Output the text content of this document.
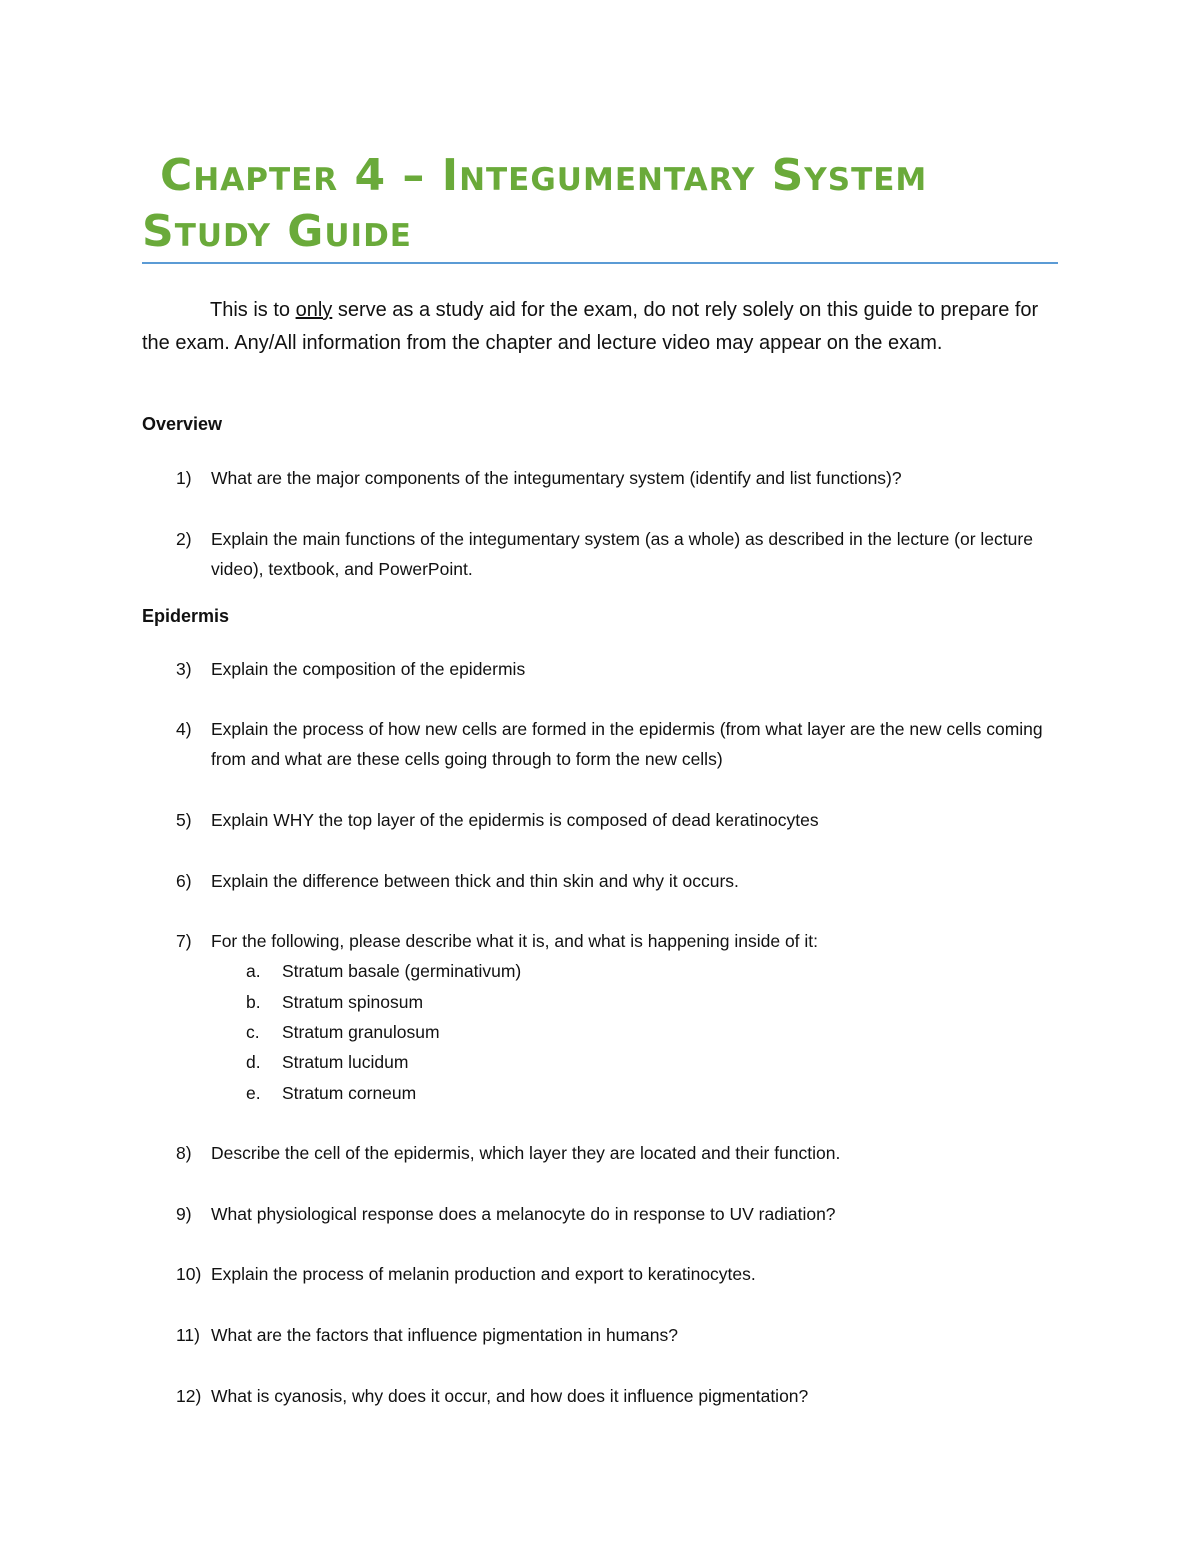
Chapter 4 – Integumentary System
Study Guide

This is to only serve as a study aid for the exam, do not rely solely on this guide to prepare for the exam. Any/All information from the chapter and lecture video may appear on the exam.

Overview

1)	What are the major components of the integumentary system (identify and list functions)?

2)	Explain the main functions of the integumentary system (as a whole) as described in the lecture (or lecture video), textbook, and PowerPoint.

Epidermis

3)	Explain the composition of the epidermis

4)	Explain the process of how new cells are formed in the epidermis (from what layer are the new cells coming from and what are these cells going through to form the new cells)

5)	Explain WHY the top layer of the epidermis is composed of dead keratinocytes

6)	Explain the difference between thick and thin skin and why it occurs.

7)	For the following, please describe what it is, and what is happening inside of it:

a. Stratum basale (germinativum)

b. Stratum spinosum

c. Stratum granulosum

d. Stratum lucidum

e. Stratum corneum

8)	Describe the cell of the epidermis, which layer they are located and their function.

9)	What physiological response does a melanocyte do in response to UV radiation?

10) Explain the process of melanin production and export to keratinocytes.

11) What are the factors that influence pigmentation in humans?

12) What is cyanosis, why does it occur, and how does it influence pigmentation?
